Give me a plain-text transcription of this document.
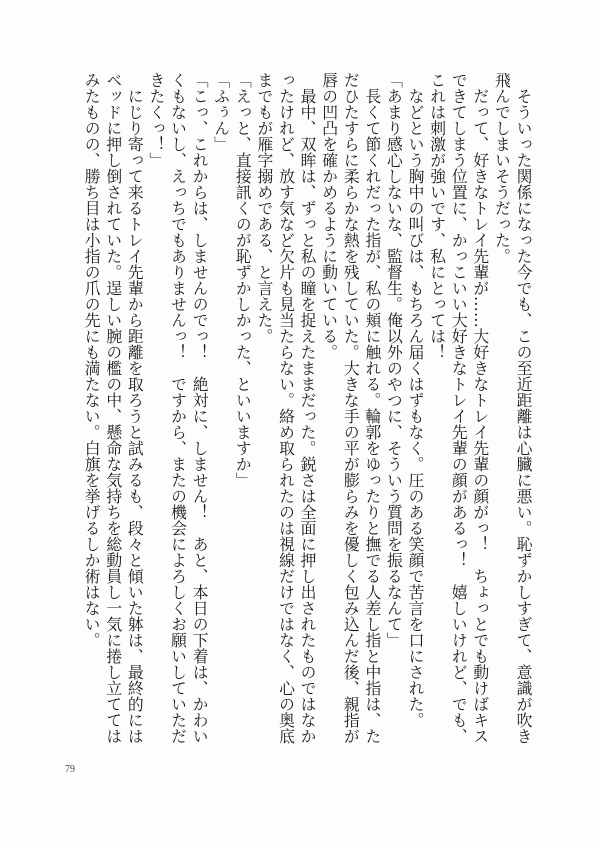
そういった関係になった今でも、この至近距離は心臓に悪い。恥ずかしすぎて、意識が吹き飛んでしまいそうだった。

だって、好きなトレイ先輩が……大好きなトレイ先輩の顔がっ！　ちょっとでも動けばキスできてしまう位置に、かっこいい大好きなトレイ先輩の顔があるっ！　嬉しいけれど、でも、これは刺激が強いです、私にとっては！

などという胸中の叫びは、もちろん届くはずもなく。圧のある笑顔で苦言を口にされた。

「あまり感心しないな、監督生。俺以外のやつに、そういう質問を振るなんて」

長くて節くれだった指が、私の頬に触れる。輪郭をゆったりと撫でる人差し指と中指は、ただひたすらに柔らかな熱を残していた。大きな手の平が膨らみを優しく包み込んだ後、親指が唇の凹凸を確かめるように動いている。

最中、双眸は、ずっと私の瞳を捉えたままだった。鋭さは全面に押し出されたものではなかったけれど、放す気など欠片も見当たらない。絡め取られたのは視線だけではなく、心の奥底までもが雁字搦めである、と言えた。

「えっと、直接訊くのが恥ずかしかった、といいますか」

「ふぅん」

「こっ、これからは、しませんのでっ！　絶対に、しません！　あと、本日の下着は、かわいくもないし、えっちでもありませんっ！　ですから、またの機会によろしくお願いしていただきたくっ！」

にじり寄って来るトレイ先輩から距離を取ろうと試みるも、段々と傾いた躰は、最終的にはベッドに押し倒されていた。逞しい腕の檻の中、懸命な気持ちを総動員し一気に捲し立ててはみたものの、勝ち目は小指の爪の先にも満たない。白旗を挙げるしか術はない。

79
